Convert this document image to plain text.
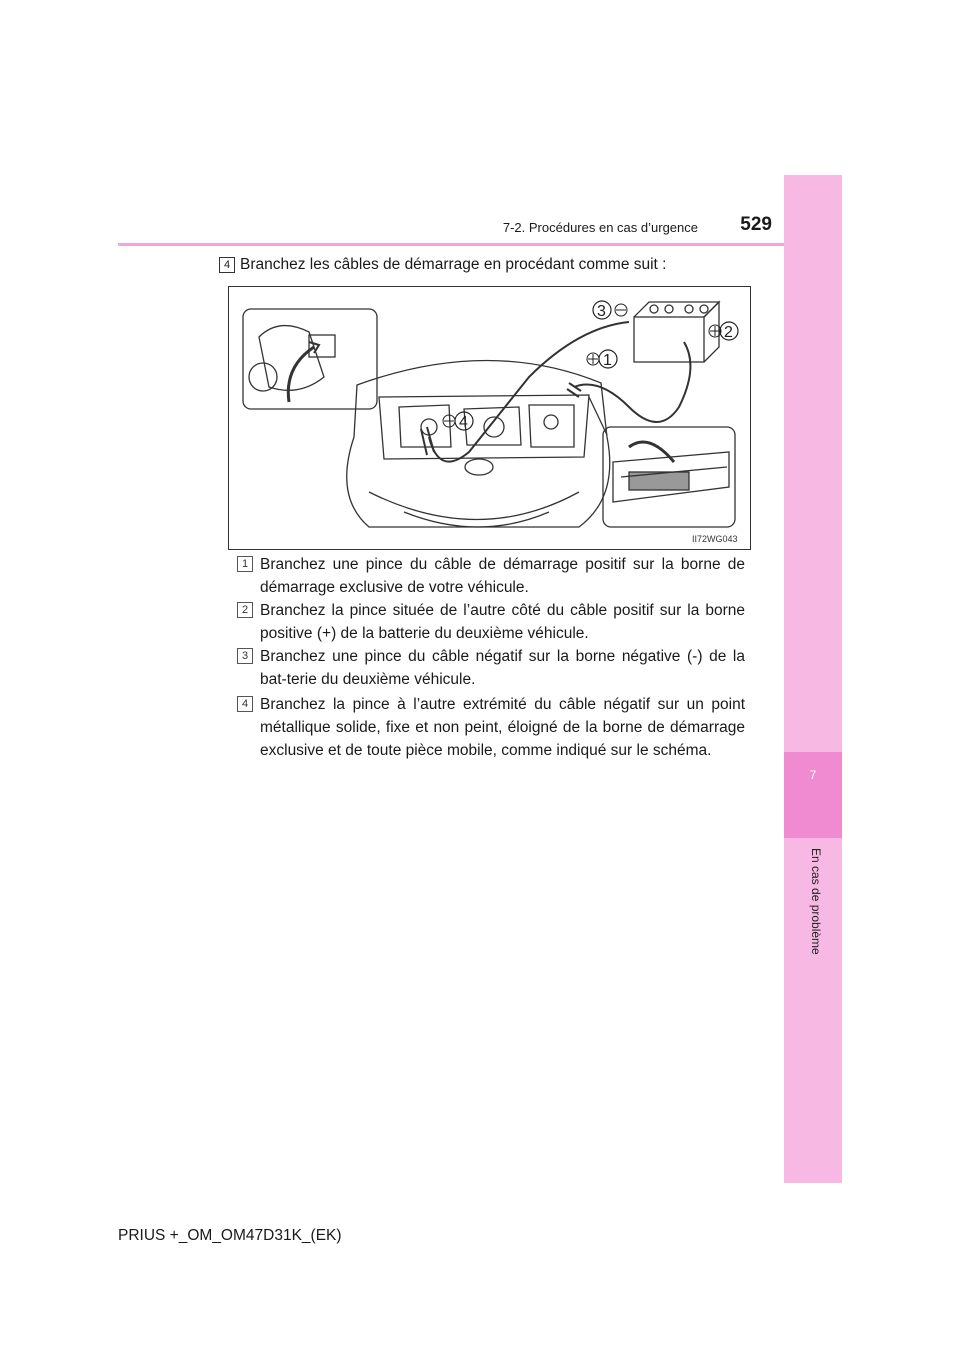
7
En cas de problème
7-2. Procédures en cas d’urgence	529
4 Branchez les câbles de démarrage en procédant comme suit :
3
2
1
4
II72WG043
1 Branchez une pince du câble de démarrage positif sur la borne de démarrage exclusive de votre véhicule.
2 Branchez la pince située de l’autre côté du câble positif sur la borne positive (+) de la batterie du deuxième véhicule.
3 Branchez une pince du câble négatif sur la borne négative (-) de la bat-terie du deuxième véhicule.
4 Branchez la pince à l’autre extrémité du câble négatif sur un point métallique solide, fixe et non peint, éloigné de la borne de démarrage exclusive et de toute pièce mobile, comme indiqué sur le schéma.
PRIUS +_OM_OM47D31K_(EK)
